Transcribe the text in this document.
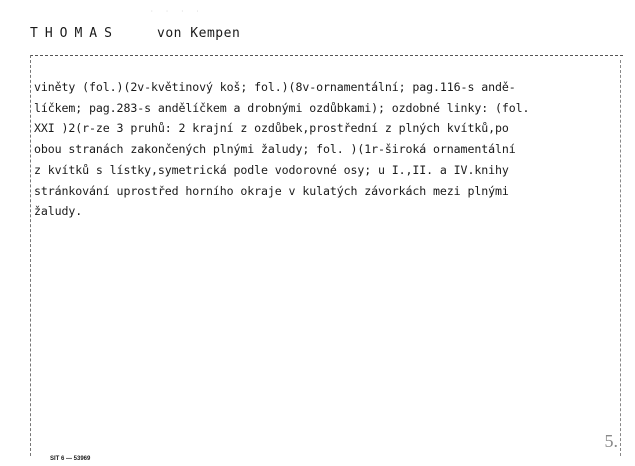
· · · ·
THOMAS	von Kempen
viněty (fol.)(2v-květinový koš; fol.)(8v-ornamentální; pag.116-s andě-
líčkem; pag.283-s andělíčkem a drobnými ozdůbkami); ozdobné linky: (fol.
XXI )2(r-ze 3 pruhů: 2 krajní z ozdůbek,prostřední z plných kvítků,po
obou stranách zakončených plnými žaludy; fol. )(1r-široká ornamentální
z kvítků s lístky,symetrická podle vodorovné osy; u I.,II. a IV.knihy
stránkování uprostřed horního okraje v kulatých závorkách mezi plnými
žaludy.
SIT 6 — 53969
5.
